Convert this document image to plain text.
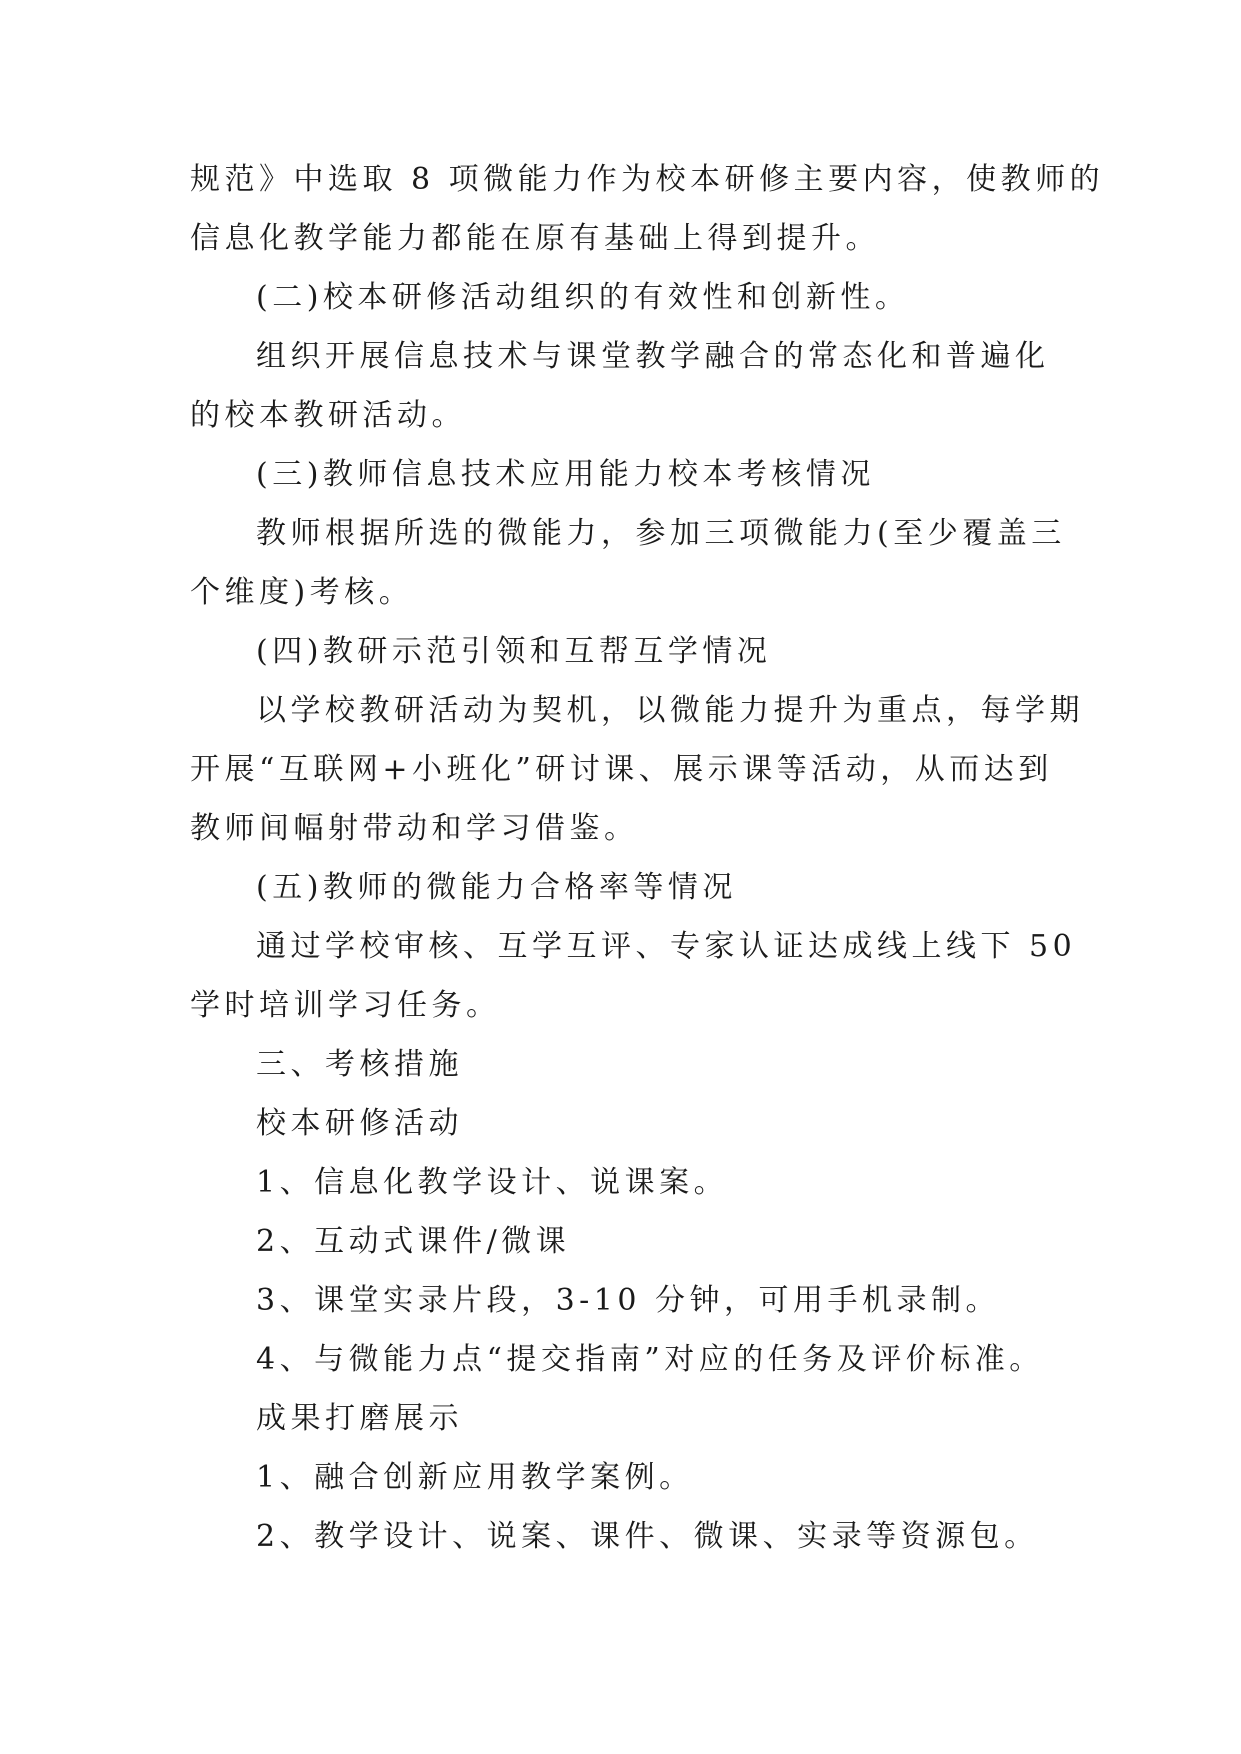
规范》中选取 8 项微能力作为校本研修主要内容，使教师的
信息化教学能力都能在原有基础上得到提升。

(二)校本研修活动组织的有效性和创新性。

组织开展信息技术与课堂教学融合的常态化和普遍化
的校本教研活动。

(三)教师信息技术应用能力校本考核情况

教师根据所选的微能力，参加三项微能力(至少覆盖三
个维度)考核。

(四)教研示范引领和互帮互学情况

以学校教研活动为契机，以微能力提升为重点，每学期
开展“互联网+小班化”研讨课、展示课等活动，从而达到
教师间幅射带动和学习借鉴。

(五)教师的微能力合格率等情况

通过学校审核、互学互评、专家认证达成线上线下 50
学时培训学习任务。

三、考核措施

校本研修活动

1、信息化教学设计、说课案。

2、互动式课件/微课

3、课堂实录片段，3-10 分钟，可用手机录制。

4、与微能力点“提交指南”对应的任务及评价标准。

成果打磨展示

1、融合创新应用教学案例。

2、教学设计、说案、课件、微课、实录等资源包。
